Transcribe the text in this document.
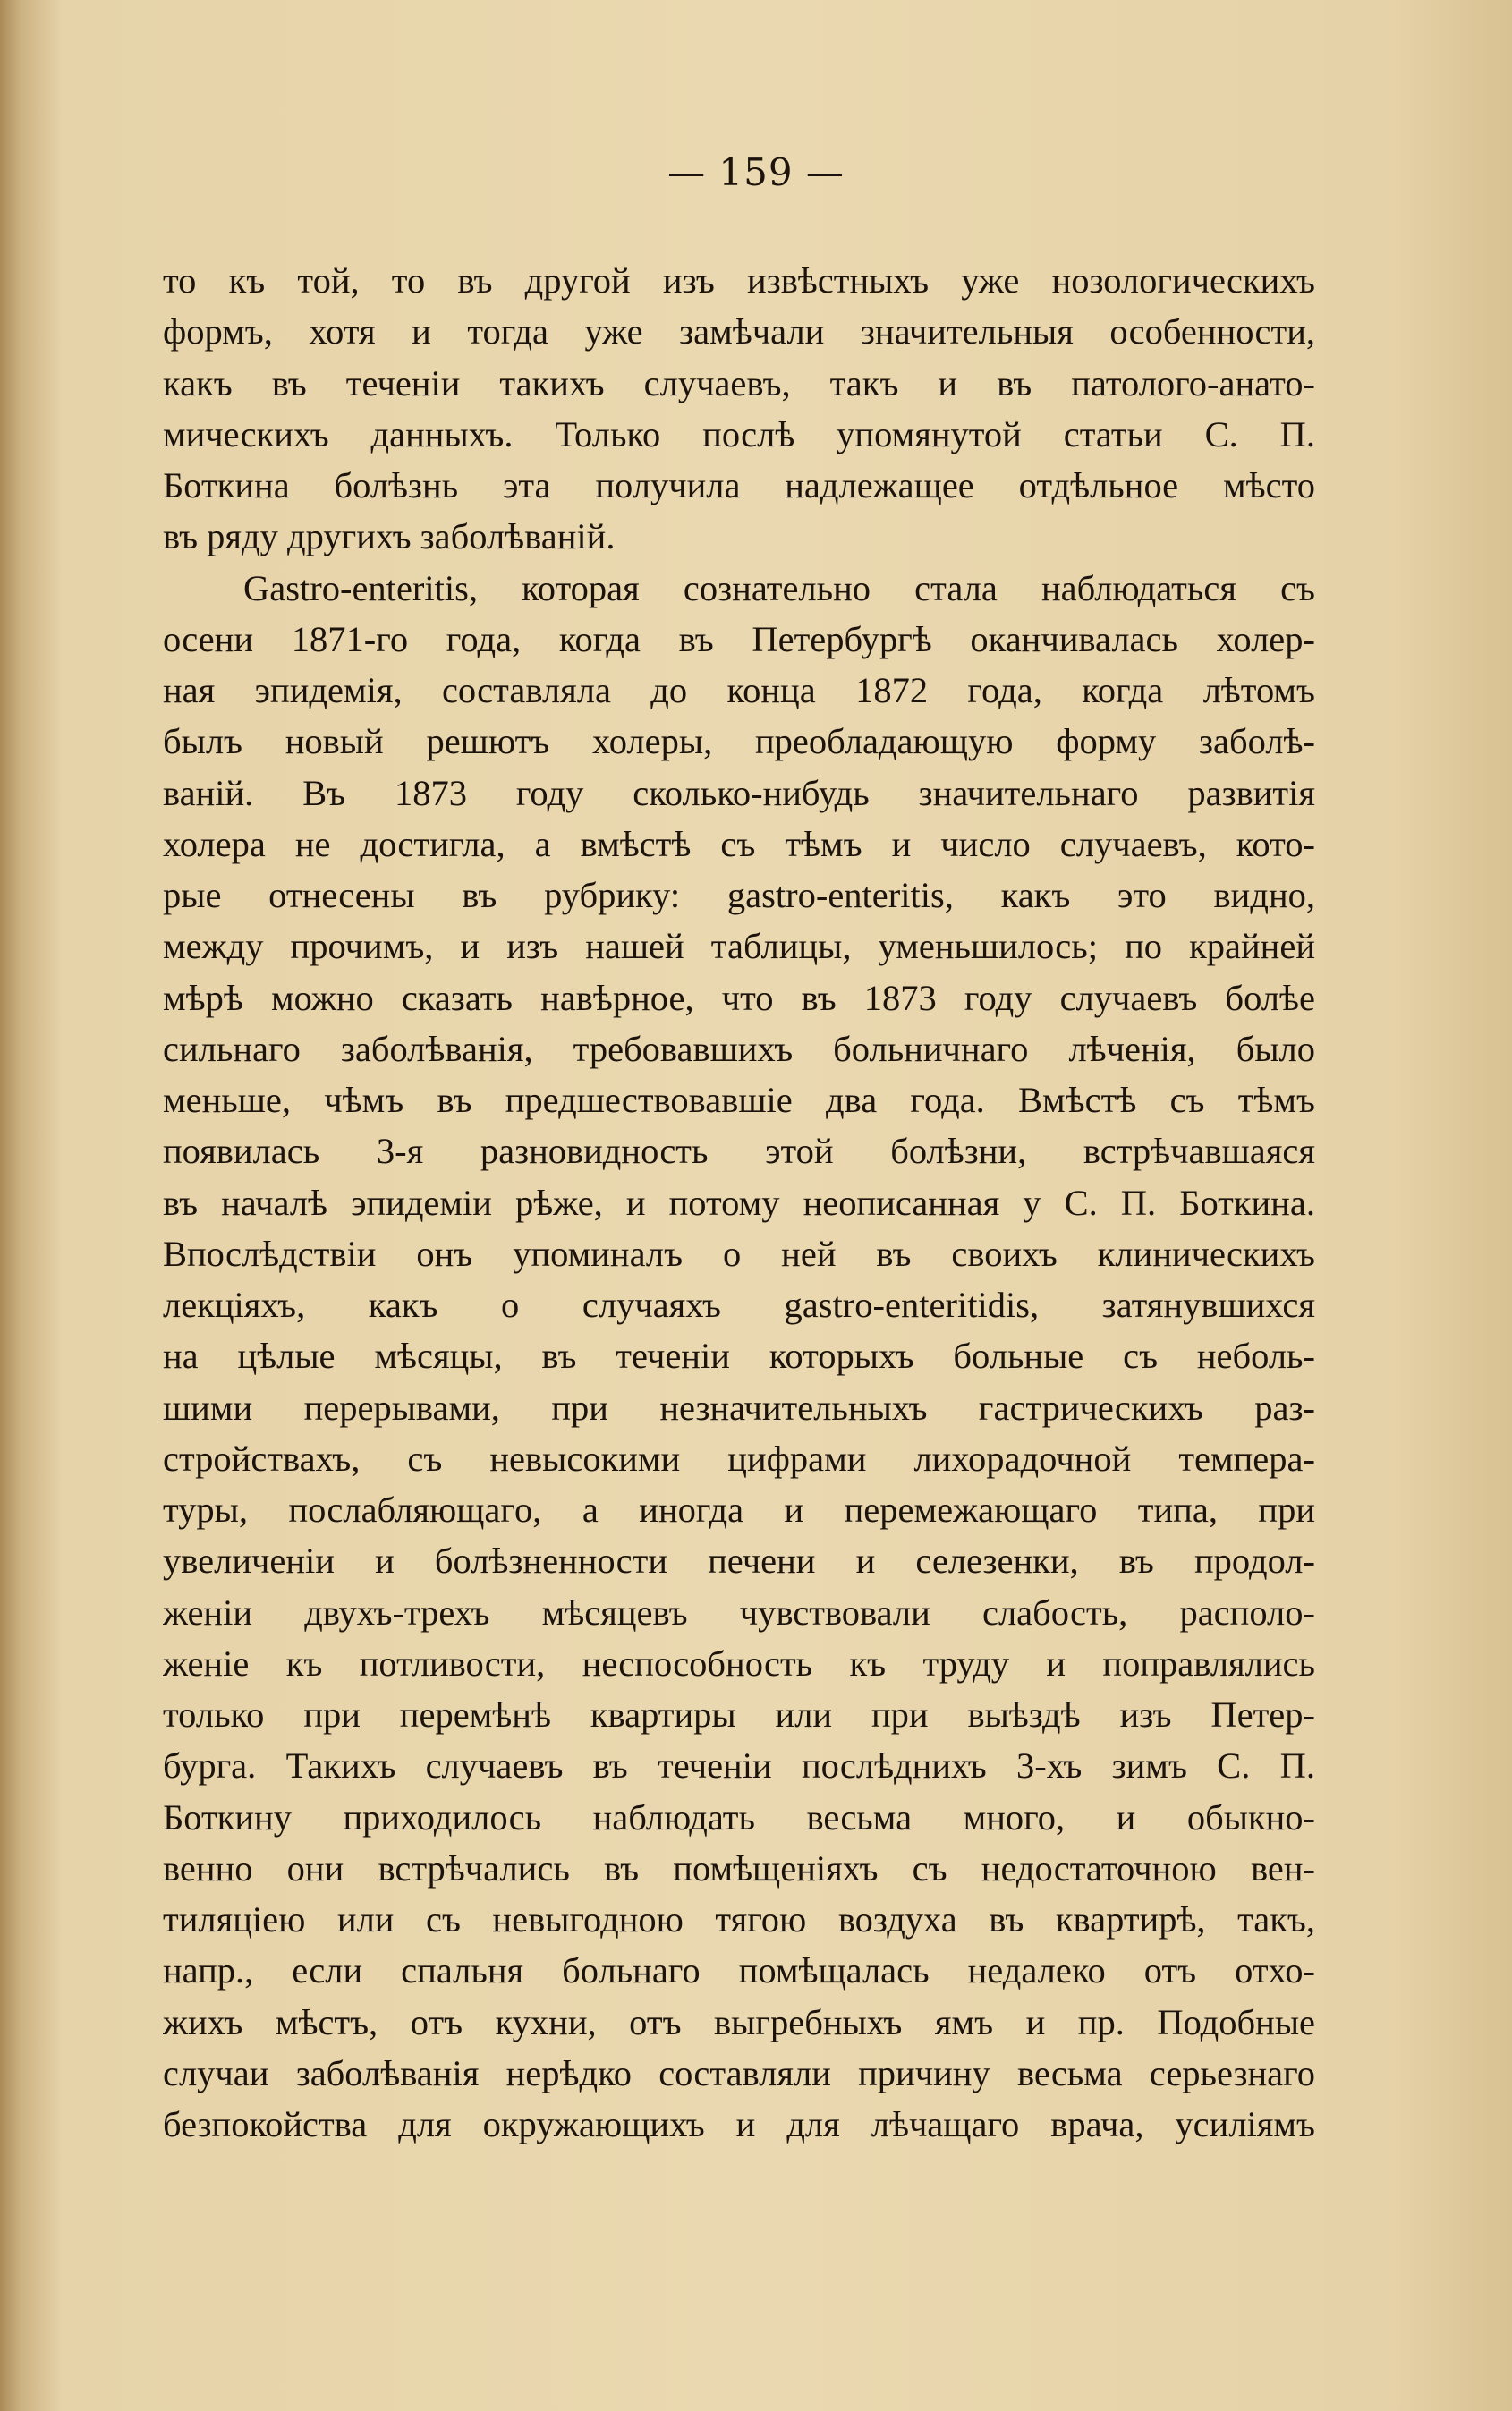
— 159 —
то къ той, то въ другой изъ извѣстныхъ уже нозологическихъ
формъ, хотя и тогда уже замѣчали значительныя особенности,
какъ въ теченіи такихъ случаевъ, такъ и въ патолого-анато-
мическихъ данныхъ. Только послѣ упомянутой статьи С. П.
Боткина болѣзнь эта получила надлежащее отдѣльное мѣсто
въ ряду другихъ заболѣваній.
Gastro-enteritis, которая сознательно стала наблюдаться съ
осени 1871-го года, когда въ Петербургѣ оканчивалась холер-
ная эпидемія, составляла до конца 1872 года, когда лѣтомъ
былъ новый решютъ холеры, преобладающую форму заболѣ-
ваній. Въ 1873 году сколько-нибудь значительнаго развитія
холера не достигла, а вмѣстѣ съ тѣмъ и число случаевъ, кото-
рые отнесены въ рубрику: gastro-enteritis, какъ это видно,
между прочимъ, и изъ нашей таблицы, уменьшилось; по крайней
мѣрѣ можно сказать навѣрное, что въ 1873 году случаевъ болѣе
сильнаго заболѣванія, требовавшихъ больничнаго лѣченія, было
меньше, чѣмъ въ предшествовавшіе два года. Вмѣстѣ съ тѣмъ
появилась 3-я разновидность этой болѣзни, встрѣчавшаяся
въ началѣ эпидеміи рѣже, и потому неописанная у С. П. Боткина.
Впослѣдствіи онъ упоминалъ о ней въ своихъ клиническихъ
лекціяхъ, какъ о случаяхъ gastro-enteritidis, затянувшихся
на цѣлые мѣсяцы, въ теченіи которыхъ больные съ неболь-
шими перерывами, при незначительныхъ гастрическихъ раз-
стройствахъ, съ невысокими цифрами лихорадочной темпера-
туры, послабляющаго, а иногда и перемежающаго типа, при
увеличеніи и болѣзненности печени и селезенки, въ продол-
женіи двухъ-трехъ мѣсяцевъ чувствовали слабость, располо-
женіе къ потливости, неспособность къ труду и поправлялись
только при перемѣнѣ квартиры или при выѣздѣ изъ Петер-
бурга. Такихъ случаевъ въ теченіи послѣднихъ 3-хъ зимъ С. П.
Боткину приходилось наблюдать весьма много, и обыкно-
венно они встрѣчались въ помѣщеніяхъ съ недостаточною вен-
тиляціею или съ невыгодною тягою воздуха въ квартирѣ, такъ,
напр., если спальня больнаго помѣщалась недалеко отъ отхо-
жихъ мѣстъ, отъ кухни, отъ выгребныхъ ямъ и пр. Подобные
случаи заболѣванія нерѣдко составляли причину весьма серьезнаго
безпокойства для окружающихъ и для лѣчащаго врача, усиліямъ
